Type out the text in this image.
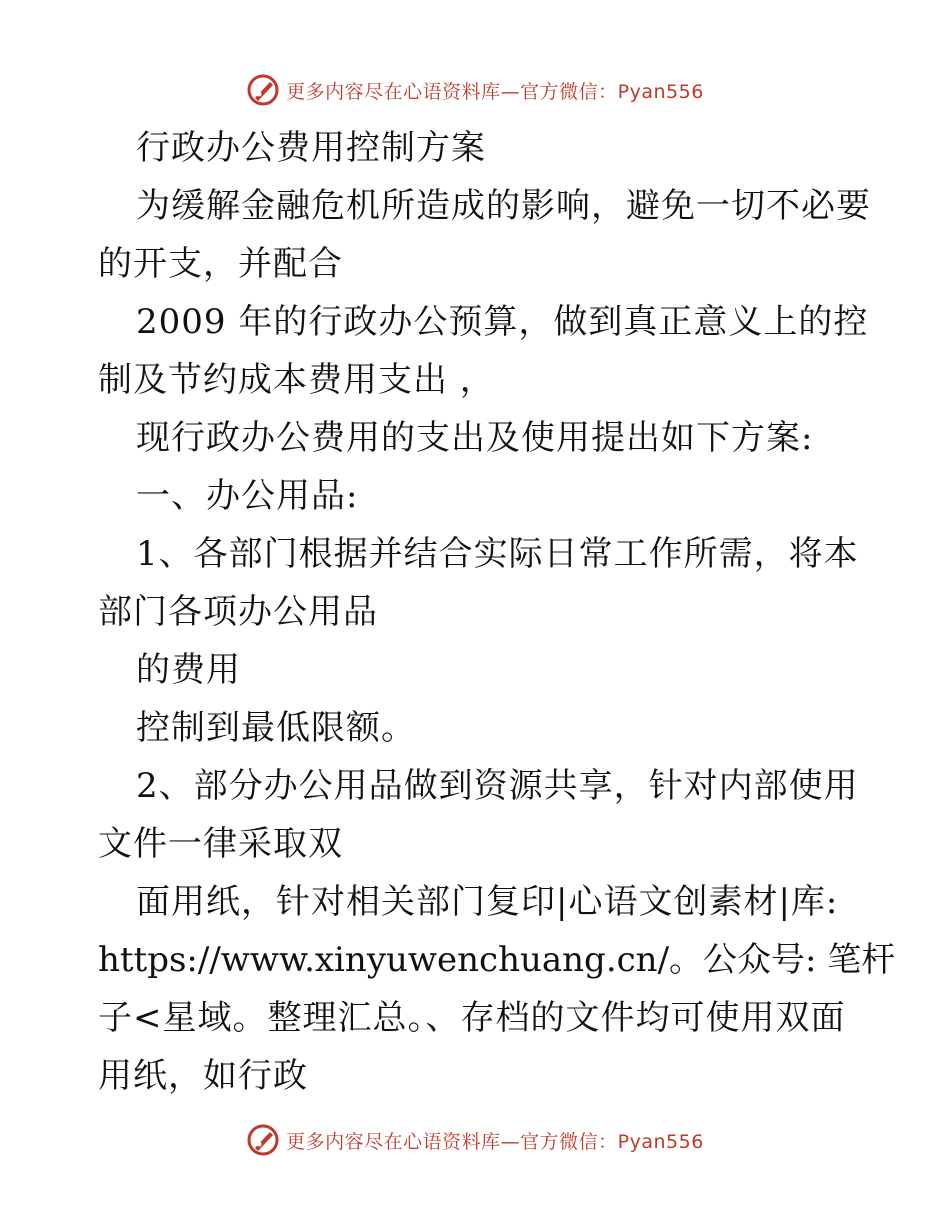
更多内容尽在心语资料库—官方微信：Pyan556
行政办公费用控制方案
为缓解金融危机所造成的影响，避免一切不必要
的开支，并配合
2009 年的行政办公预算，做到真正意义上的控
制及节约成本费用支出 ，
现行政办公费用的支出及使用提出如下方案:
一、办公用品:
1、各部门根据并结合实际日常工作所需，将本
部门各项办公用品
的费用
控制到最低限额。
2、部分办公用品做到资源共享，针对内部使用
文件一律采取双
面用纸，针对相关部门复印|心语文创素材|库:
https://www.xinyuwenchuang.cn/。公众号: 笔杆
子<星域。整理汇总。、存档的文件均可使用双面
用纸，如行政
更多内容尽在心语资料库—官方微信：Pyan556
